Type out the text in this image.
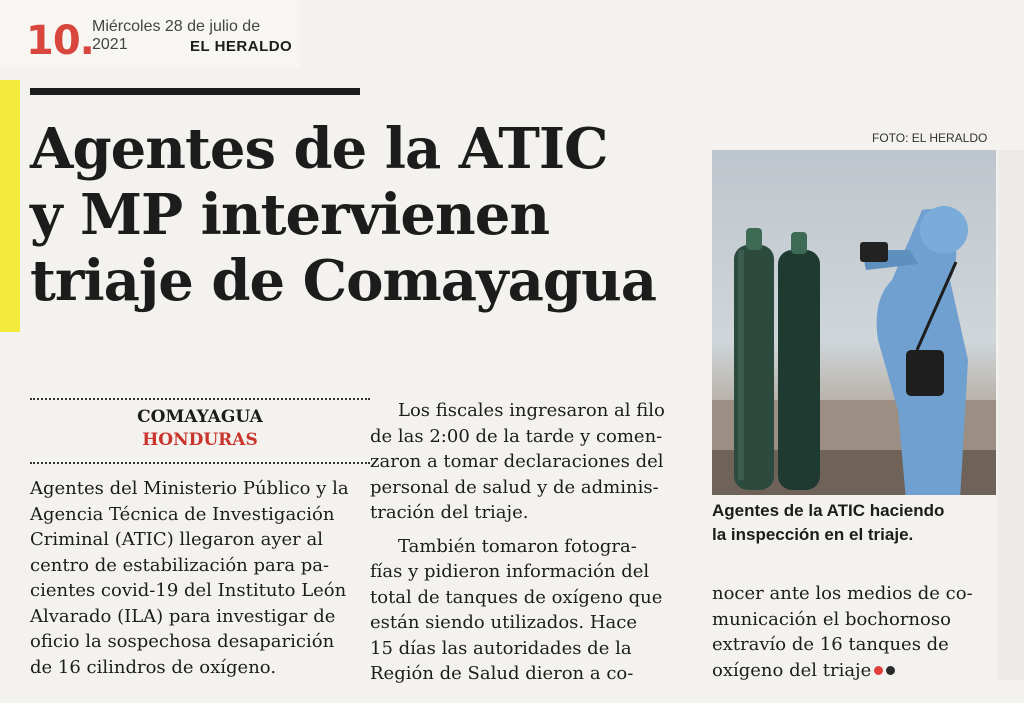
10.
Miércoles 28 de julio de 2021	EL HERALDO
Agentes de la ATIC
y MP intervienen
triaje de Comayagua
COMAYAGUA
HONDURAS

Agentes del Ministerio Público y la

Agencia Técnica de Investigación

Criminal (ATIC) llegaron ayer al

centro de estabilización para pa-

cientes covid-19 del Instituto León

Alvarado (ILA) para investigar de

oficio la sospechosa desaparición

de 16 cilindros de oxígeno.

Los fiscales ingresaron al filo

de las 2:00 de la tarde y comen-

zaron a tomar declaraciones del

personal de salud y de adminis-

tración del triaje.

También tomaron fotogra-

fías y pidieron información del

total de tanques de oxígeno que

están siendo utilizados. Hace

15 días las autoridades de la

Región de Salud dieron a co-

FOTO: EL HERALDO
Agentes de la ATIC haciendo
la inspección en el triaje.

nocer ante los medios de co-

municación el bochornoso

extravío de 16 tanques de

oxígeno del triaje
